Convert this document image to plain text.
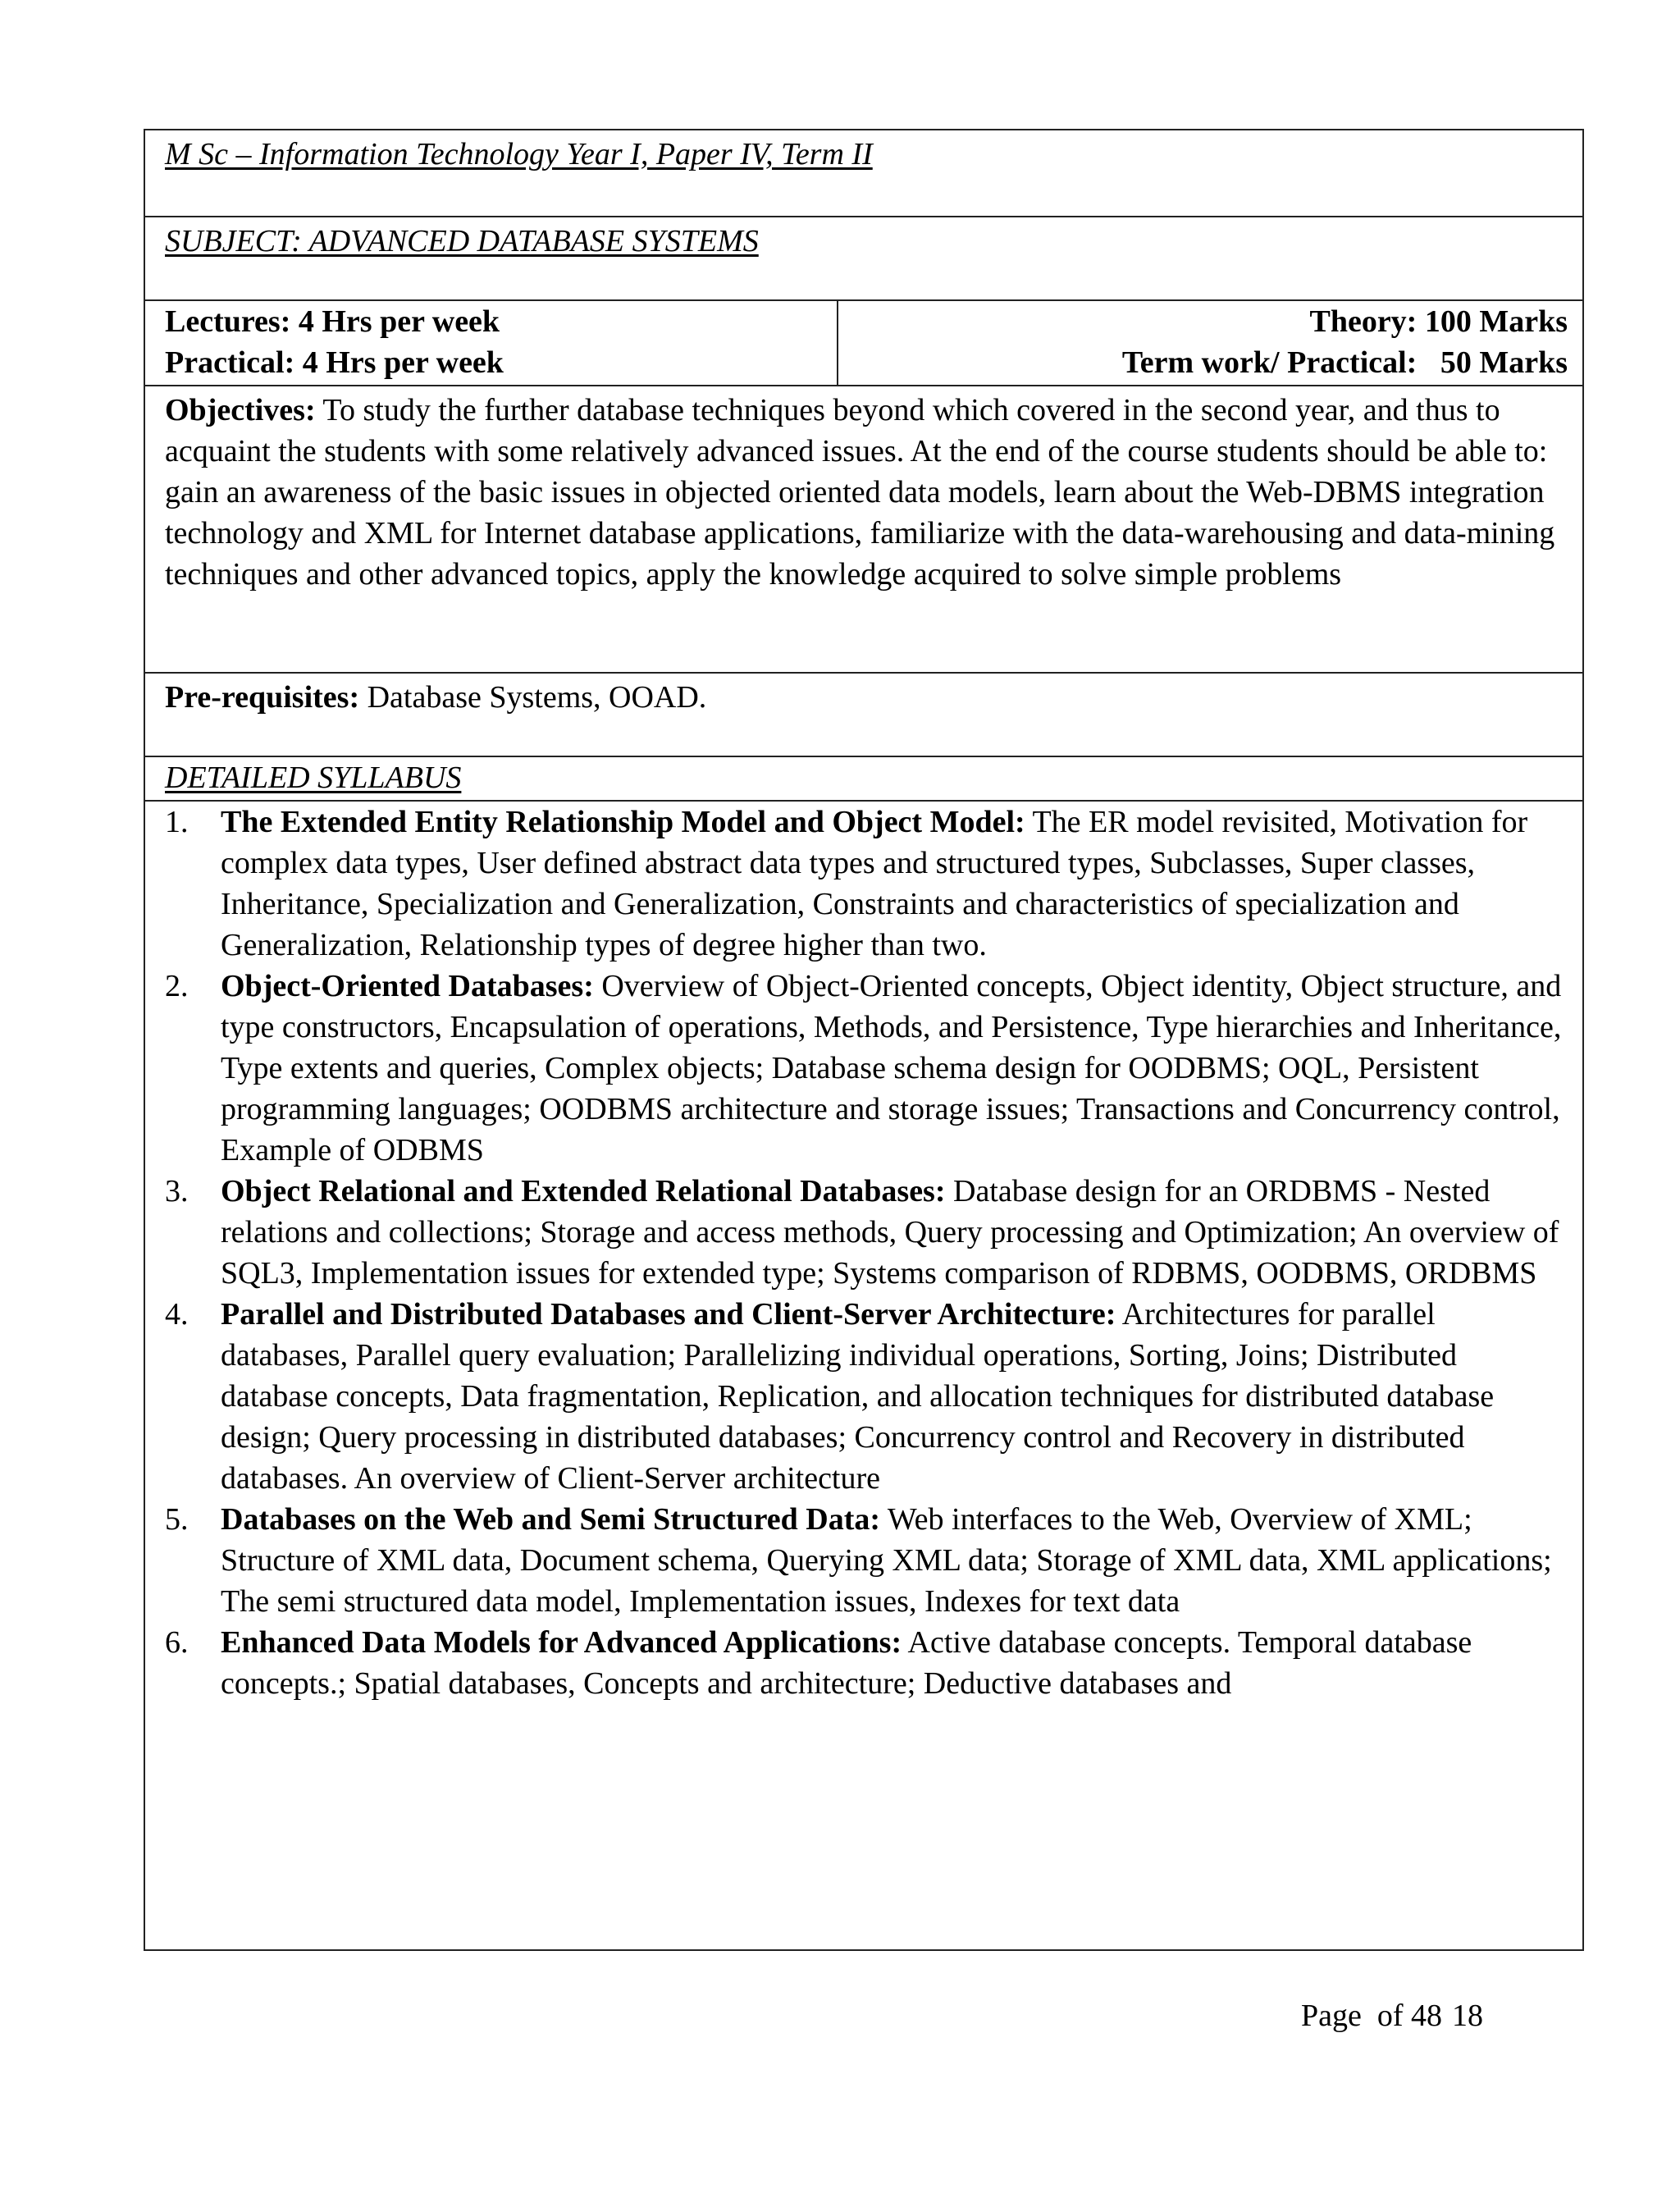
M Sc – Information Technology Year I, Paper IV, Term II
SUBJECT: ADVANCED DATABASE SYSTEMS
Lectures: 4 Hrs per week
Practical: 4 Hrs per week
Theory: 100 Marks
Term work/ Practical:   50 Marks
Objectives: To study the further database techniques beyond which covered in the second year, and thus to acquaint the students with some relatively advanced issues. At the end of the course students should be able to: gain an awareness of the basic issues in objected oriented data models, learn about the Web-DBMS integration technology and XML for Internet database applications, familiarize with the data-warehousing and data-mining techniques and other advanced topics, apply the knowledge acquired to solve simple problems
Pre-requisites: Database Systems, OOAD.
DETAILED SYLLABUS
1.	The Extended Entity Relationship Model and Object Model: The ER model revisited, Motivation for complex data types, User defined abstract data types and structured types, Subclasses, Super classes, Inheritance, Specialization and Generalization, Constraints and characteristics of specialization and Generalization, Relationship types of degree higher than two.
2.	Object-Oriented Databases: Overview of Object-Oriented concepts, Object identity, Object structure, and type constructors, Encapsulation of operations, Methods, and Persistence, Type hierarchies and Inheritance, Type extents and queries, Complex objects; Database schema design for OODBMS; OQL, Persistent programming languages; OODBMS architecture and storage issues; Transactions and Concurrency control, Example of ODBMS
3.	Object Relational and Extended Relational Databases: Database design for an ORDBMS - Nested relations and collections; Storage and access methods, Query processing and Optimization; An overview of SQL3, Implementation issues for extended type; Systems comparison of RDBMS, OODBMS, ORDBMS
4.	Parallel and Distributed Databases and Client-Server Architecture: Architectures for parallel databases, Parallel query evaluation; Parallelizing individual operations, Sorting, Joins; Distributed database concepts, Data fragmentation, Replication, and allocation techniques for distributed database design; Query processing in distributed databases; Concurrency control and Recovery in distributed databases. An overview of Client-Server architecture
5.	Databases on the Web and Semi Structured Data: Web interfaces to the Web, Overview of XML; Structure of XML data, Document schema, Querying XML data; Storage of XML data, XML applications; The semi structured data model, Implementation issues, Indexes for text data
6.	Enhanced Data Models for Advanced Applications: Active database concepts. Temporal database concepts.; Spatial databases, Concepts and architecture; Deductive databases and
Page  of 48 18
